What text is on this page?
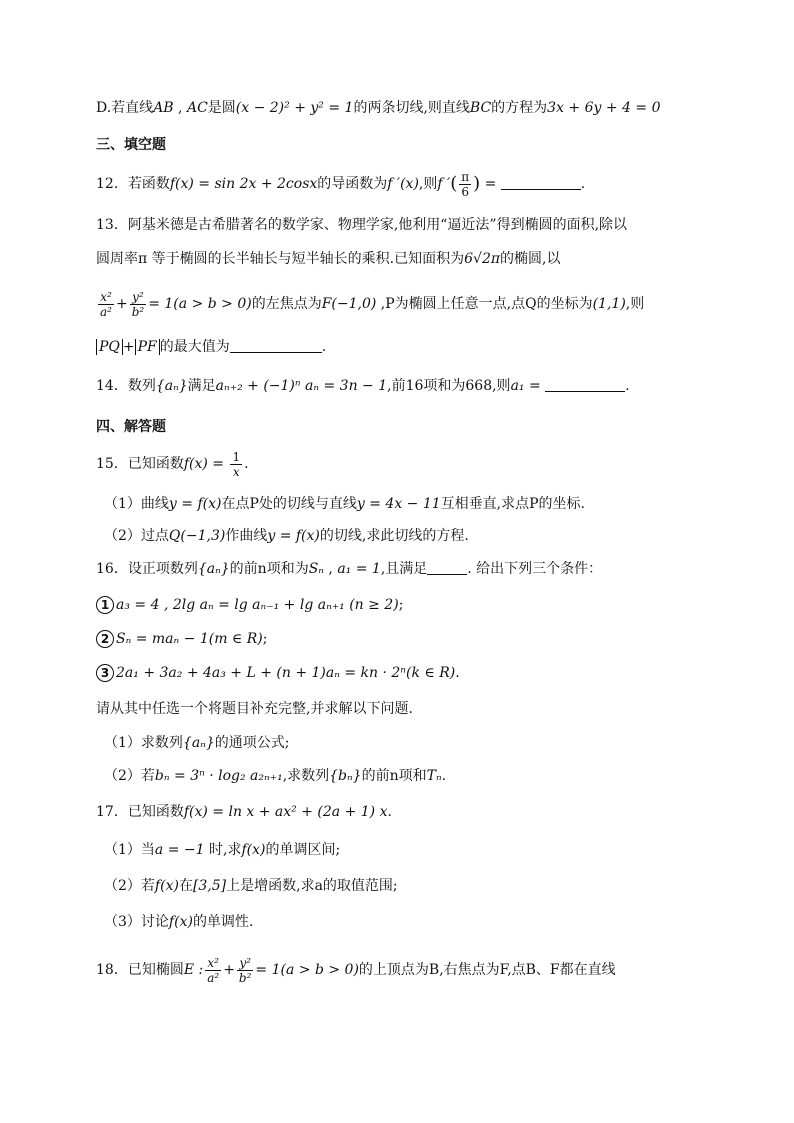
D.若直线AB , AC是圆(x − 2)² + y² = 1的两条切线,则直线BC的方程为3x + 6y + 4 = 0
三、填空题
12．若函数f(x) = sin 2x + 2cosx的导函数为f ′(x),则f ′( $\frac{\pi}{6}$ ) =	.
13．阿基米德是古希腊著名的数学家、物理学家,他利用“逼近法”得到椭圆的面积,除以
圆周率π 等于椭圆的长半轴长与短半轴长的乘积.已知面积为6√2π的椭圆,以
$\frac{\text{x²}}{\text{a²}} + \frac{\text{y²}}{\text{b²}} = 1(a > b > 0)$的左焦点为F(−1,0) ,P为椭圆上任意一点,点Q的坐标为(1,1),则
PQ + PF 的最大值为	.
14．数列{aₙ}满足aₙ₊₂ + (−1)ⁿ aₙ = 3n − 1,前16项和为668,则a₁ =	.
四、解答题
15．已知函数$f(x) = \frac{1}{x}$ .
（1）曲线y = f(x)在点P处的切线与直线y = 4x − 11互相垂直,求点P的坐标.
（2）过点Q(−1,3)作曲线y = f(x)的切线,求此切线的方程.
16．设正项数列{aₙ}的前n项和为Sₙ , a₁ = 1,且满足	. 给出下列三个条件：
1 a₃ = 4 , 2lg aₙ = lg aₙ₋₁ + lg aₙ₊₁ (n ≥ 2);
2 Sₙ = maₙ − 1(m ∈ R);
3 2a₁ + 3a₂ + 4a₃ + L + (n + 1)aₙ = kn · 2ⁿ(k ∈ R).
请从其中任选一个将题目补充完整,并求解以下问题.
（1）求数列{aₙ}的通项公式;
（2）若bₙ = 3ⁿ · log₂ a₂ₙ₊₁,求数列{bₙ}的前n项和Tₙ.
17．已知函数f(x) = ln x + ax² + (2a + 1) x.
（1）当a = −1 时,求f(x)的单调区间;
（2）若f(x)在[3,5]上是增函数,求a的取值范围;
（3）讨论f(x)的单调性.
18．已知椭圆E : $\frac{\text{x²}}{\text{a²}} + \frac{\text{y²}}{\text{b²}} = 1(a > b > 0)$的上顶点为B,右焦点为F,点B、F都在直线
